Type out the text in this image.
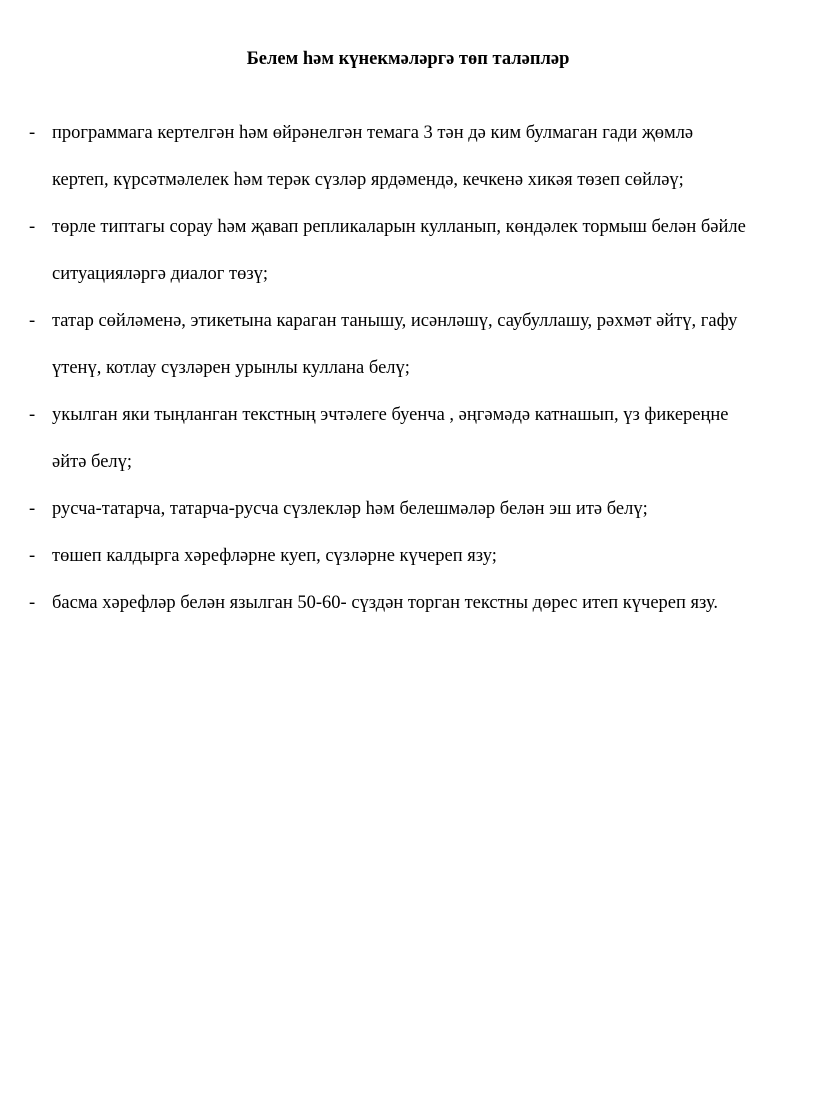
Белем һәм күнекмәләргә төп таләпләр
- программага кертелгән һәм өйрәнелгән темага 3 тән дә ким булмаган гади җөмлә
кертеп, күрсәтмәлелек һәм терәк сүзләр ярдәмендә, кечкенә хикәя төзеп сөйләү;
- төрле типтагы сорау һәм җавап репликаларын кулланып, көндәлек тормыш белән бәйле
ситуацияләргә диалог төзү;
- татар сөйләменә, этикетына караган танышу, исәнләшү, саубуллашу, рәхмәт әйтү, гафу
үтенү, котлау сүзләрен урынлы куллана белү;
- укылган яки тыңланган текстның эчтәлеге буенча , әңгәмәдә катнашып, үз фикереңне
әйтә белү;
- русча-татарча, татарча-русча сүзлекләр һәм белешмәләр белән эш итә белү;
- төшеп калдырга хәрефләрне куеп, сүзләрне күчереп язу;
- басма хәрефләр белән язылган 50-60- сүздән торган текстны дөрес итеп күчереп язу.
